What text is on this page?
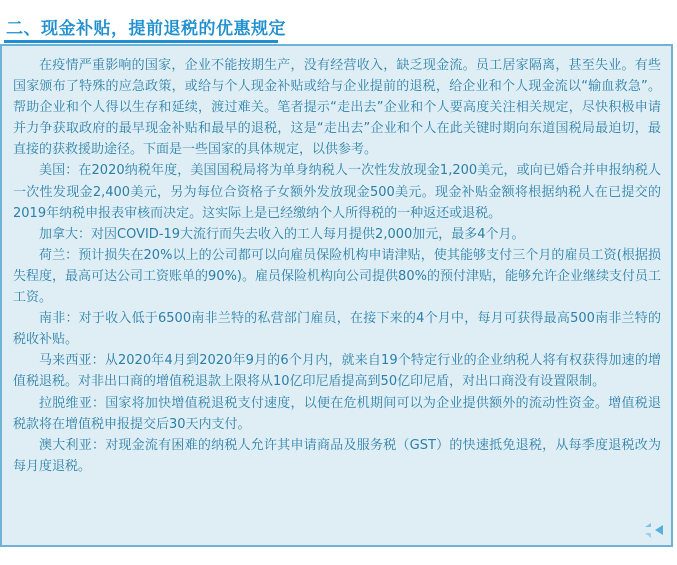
二、现金补贴，提前退税的优惠规定

在疫情严重影响的国家，企业不能按期生产，没有经营收入，缺乏现金流。员工居家隔离，甚至失业。有些国家颁布了特殊的应急政策，或给与个人现金补贴或给与企业提前的退税，给企业和个人现金流以“输血救急”。帮助企业和个人得以生存和延续，渡过难关。笔者提示“走出去”企业和个人要高度关注相关规定，尽快积极申请并力争获取政府的最早现金补贴和最早的退税，这是“走出去”企业和个人在此关键时期向东道国税局最迫切，最直接的获救援助途径。下面是一些国家的具体规定，以供参考。

美国：在2020纳税年度，美国国税局将为单身纳税人一次性发放现金1,200美元，或向已婚合并申报纳税人一次性发现金2,400美元，另为每位合资格子女额外发放现金500美元。现金补贴金额将根据纳税人在已提交的2019年纳税申报表审核而决定。这实际上是已经缴纳个人所得税的一种返还或退税。

加拿大：对因COVID-19大流行而失去收入的工人每月提供2,000加元，最多4个月。

荷兰：预计损失在20%以上的公司都可以向雇员保险机构申请津贴，使其能够支付三个月的雇员工资(根据损失程度，最高可达公司工资账单的90%)。雇员保险机构向公司提供80%的预付津贴，能够允许企业继续支付员工工资。

南非：对于收入低于6500南非兰特的私营部门雇员，在接下来的4个月中，每月可获得最高500南非兰特的税收补贴。

马来西亚：从2020年4月到2020年9月的6个月内，就来自19个特定行业的企业纳税人将有权获得加速的增值税退税。对非出口商的增值税退款上限将从10亿印尼盾提高到50亿印尼盾，对出口商没有设置限制。

拉脱维亚：国家将加快增值税退税支付速度，以便在危机期间可以为企业提供额外的流动性资金。增值税退税款将在增值税申报提交后30天内支付。

澳大利亚：对现金流有困难的纳税人允许其申请商品及服务税（GST）的快速抵免退税，从每季度退税改为每月度退税。
